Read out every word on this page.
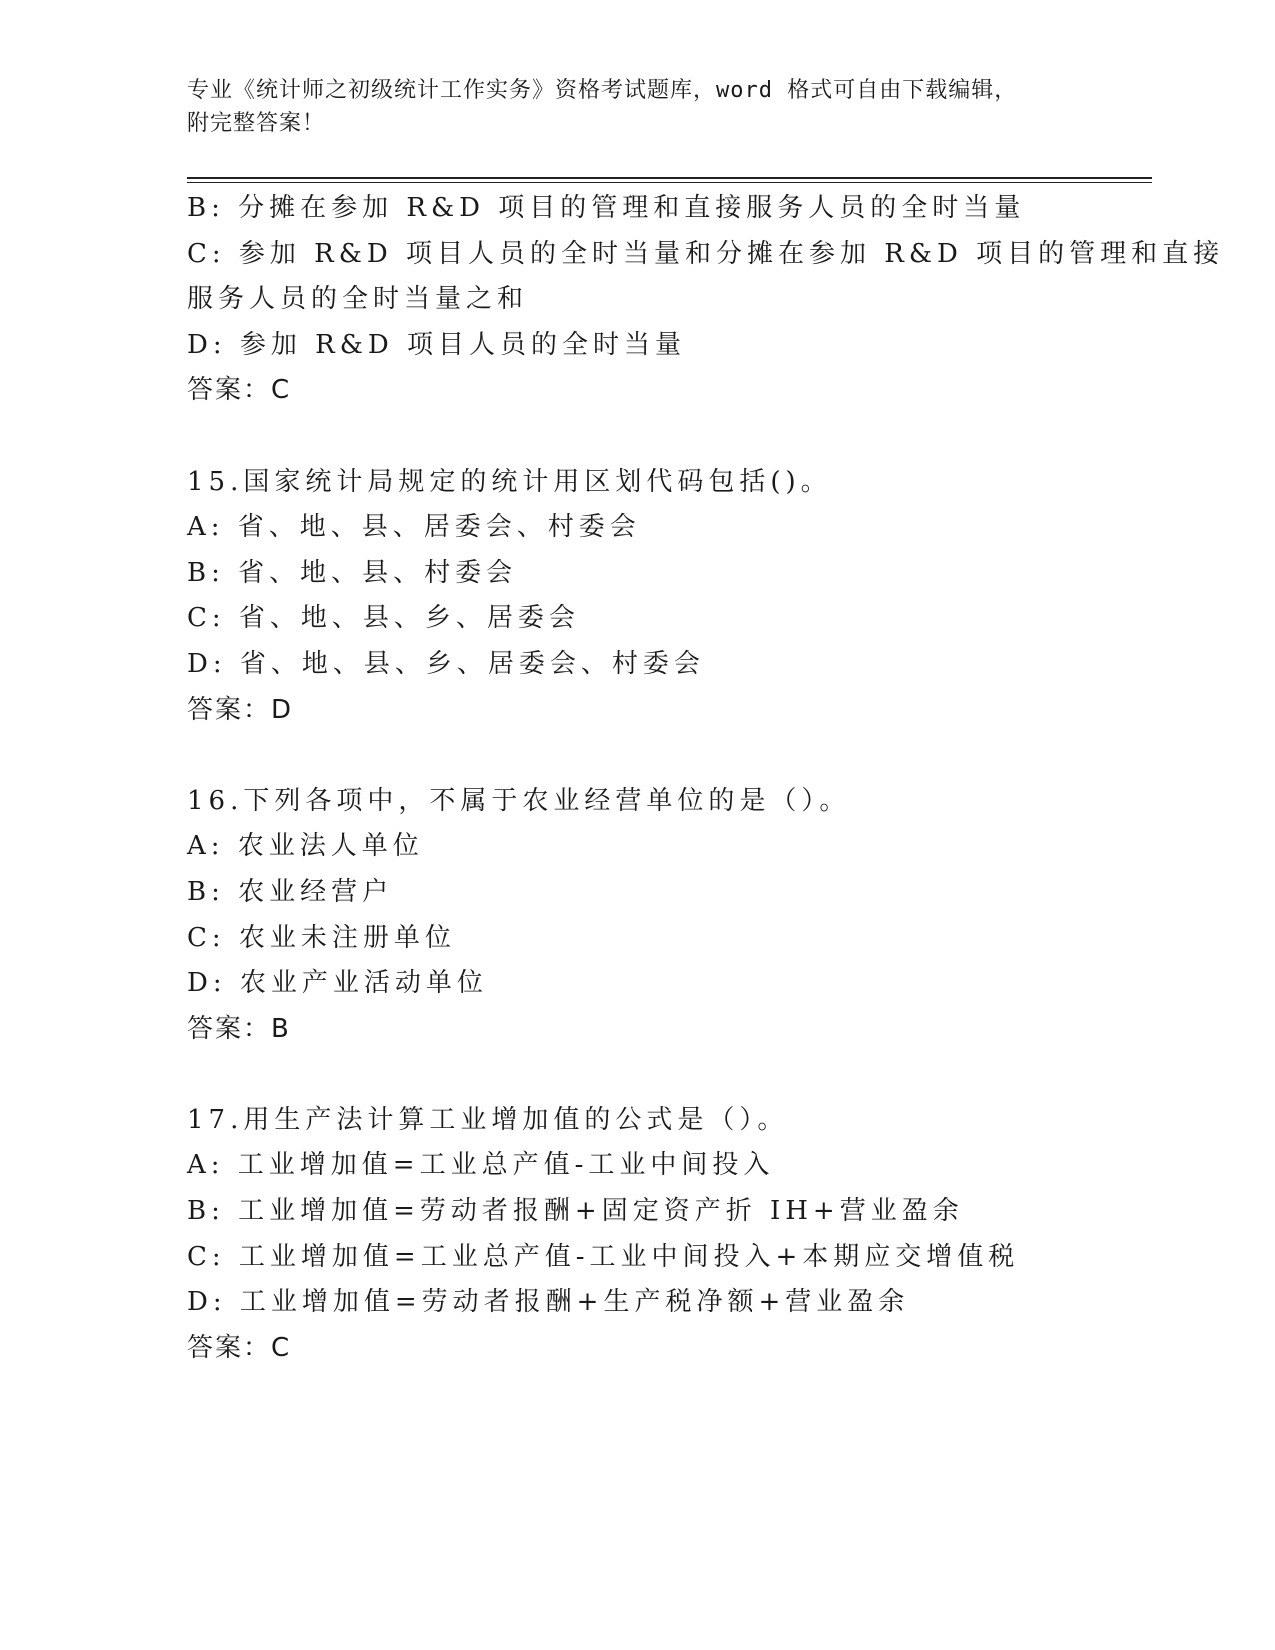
专业《统计师之初级统计工作实务》资格考试题库，word 格式可自由下载编辑，
附完整答案！
B: 分摊在参加 R&D 项目的管理和直接服务人员的全时当量
C: 参加 R&D 项目人员的全时当量和分摊在参加 R&D 项目的管理和直接
服务人员的全时当量之和
D: 参加 R&D 项目人员的全时当量
答案：C
15.国家统计局规定的统计用区划代码包括()。
A: 省、地、县、居委会、村委会
B: 省、地、县、村委会
C: 省、地、县、乡、居委会
D: 省、地、县、乡、居委会、村委会
答案：D
16.下列各项中，不属于农业经营单位的是（）。
A: 农业法人单位
B: 农业经营户
C: 农业未注册单位
D: 农业产业活动单位
答案：B
17.用生产法计算工业增加值的公式是（）。
A: 工业增加值=工业总产值-工业中间投入
B: 工业增加值=劳动者报酬+固定资产折 IH+营业盈余
C: 工业增加值=工业总产值-工业中间投入+本期应交增值税
D: 工业增加值=劳动者报酬+生产税净额+营业盈余
答案：C
